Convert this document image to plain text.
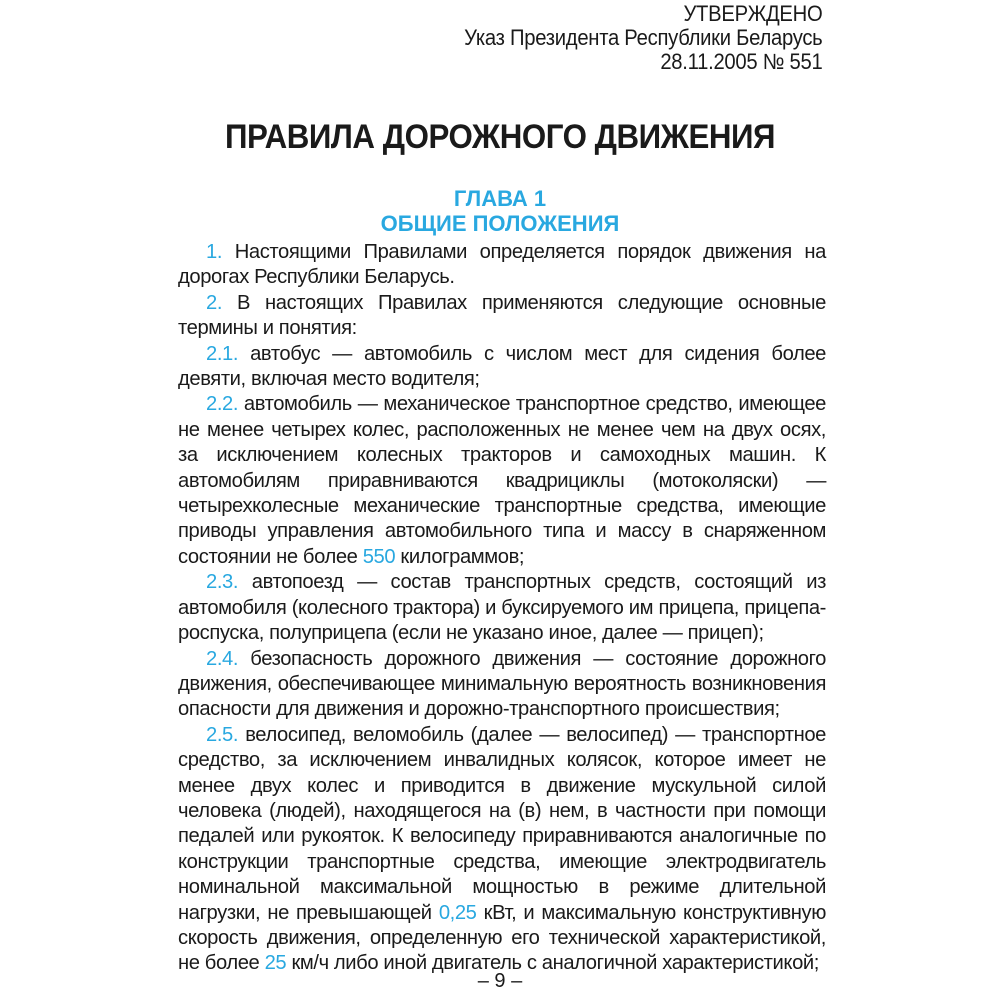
УТВЕРЖДЕНО
Указ Президента Республики Беларусь
28.11.2005 № 551
ПРАВИЛА ДОРОЖНОГО ДВИЖЕНИЯ
ГЛАВА 1
ОБЩИЕ ПОЛОЖЕНИЯ

1. Настоящими Правилами определяется порядок движения на дорогах Республики Беларусь.

2. В настоящих Правилах применяются следующие основные термины и понятия:

2.1. автобус — автомобиль с числом мест для сидения более девяти, включая место водителя;

2.2. автомобиль — механическое транспортное средство, имеющее не менее четырех колес, расположенных не менее чем на двух осях, за исключением колесных тракторов и самоходных машин. К автомобилям приравниваются квадрициклы (мотоколяски) — четырехколесные механические транспортные средства, имеющие приводы управления автомобильного типа и массу в снаряженном состоянии не более 550 килограммов;

2.3. автопоезд — состав транспортных средств, состоящий из автомобиля (колесного трактора) и буксируемого им прицепа, прицепа-роспуска, полуприцепа (если не указано иное, далее — прицеп);

2.4. безопасность дорожного движения — состояние дорожного движения, обеспечивающее минимальную вероятность возникновения опасности для движения и дорожно-транспортного происшествия;

2.5. велосипед, веломобиль (далее — велосипед) — транспортное средство, за исключением инвалидных колясок, которое имеет не менее двух колес и приводится в движение мускульной силой человека (людей), находящегося на (в) нем, в частности при помощи педалей или рукояток. К велосипеду приравниваются аналогичные по конструкции транспортные средства, имеющие электродвигатель номинальной максимальной мощностью в режиме длительной нагрузки, не превышающей 0,25 кВт, и максимальную конструктивную скорость движения, определенную его технической характеристикой, не более 25 км/ч либо иной двигатель с аналогичной характеристикой;

– 9 –
